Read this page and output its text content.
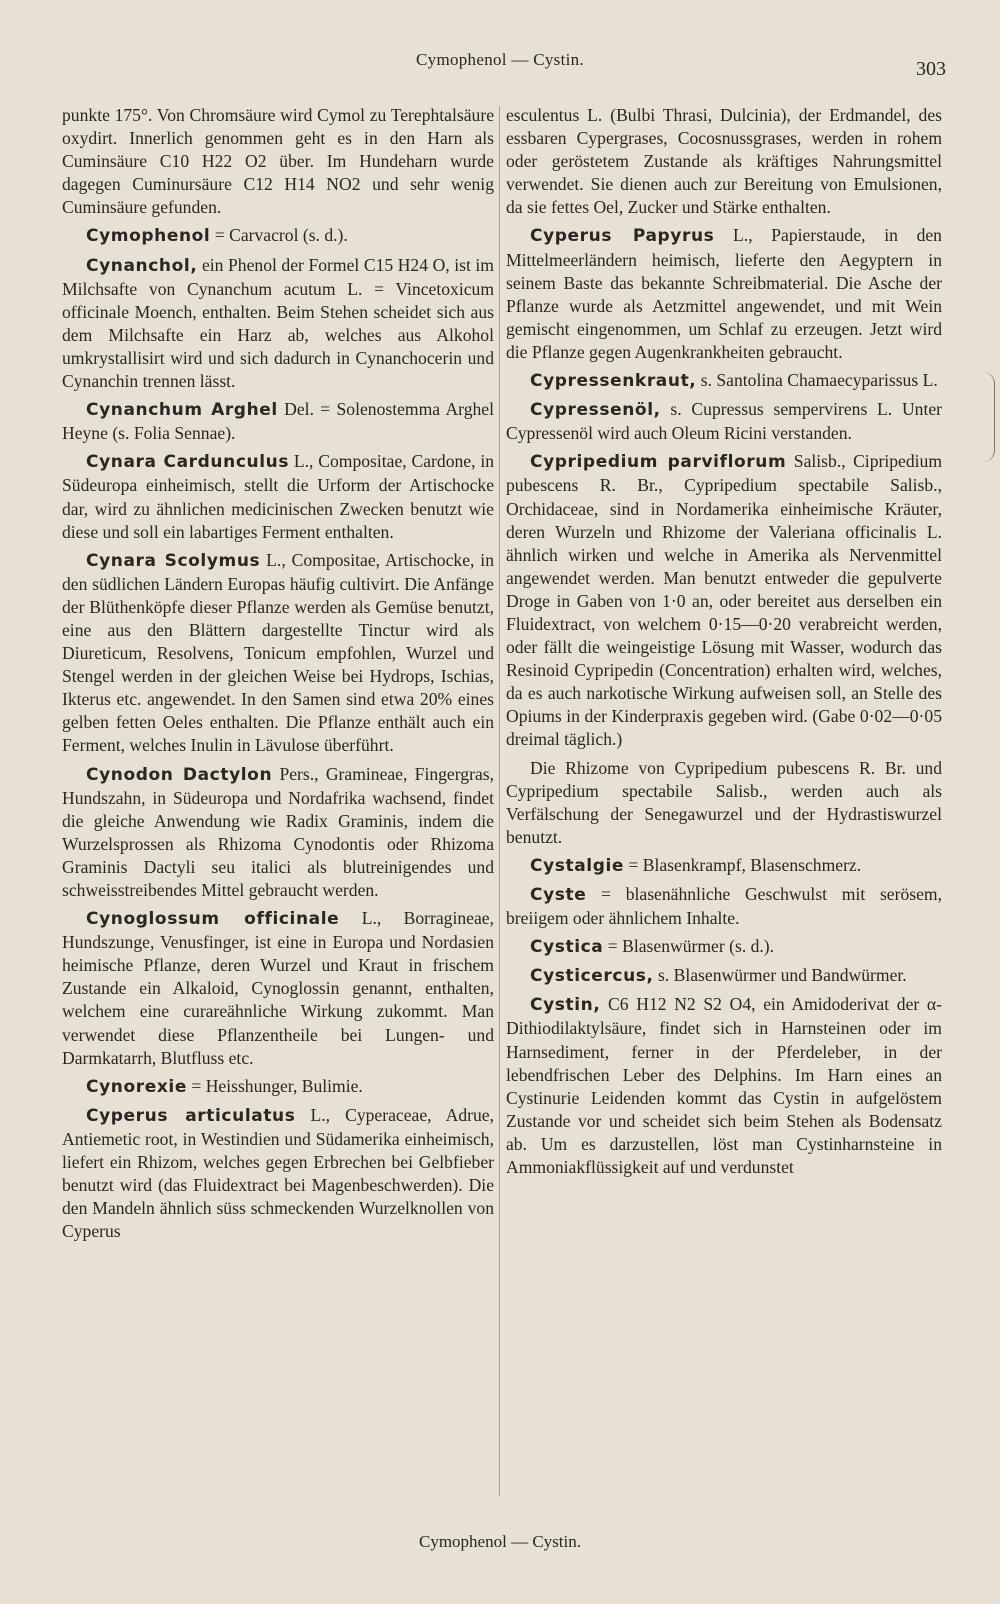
Cymophenol — Cystin.	303

punkte 175°. Von Chromsäure wird Cymol zu Terephtalsäure oxydirt. Innerlich genommen geht es in den Harn als Cuminsäure C10 H22 O2 über. Im Hundeharn wurde dagegen Cuminursäure C12 H14 NO2 und sehr wenig Cuminsäure gefunden.

Cymophenol = Carvacrol (s. d.).

Cynanchol, ein Phenol der Formel C15 H24 O, ist im Milchsafte von Cynanchum acutum L. = Vincetoxicum officinale Moench, enthalten. Beim Stehen scheidet sich aus dem Milchsafte ein Harz ab, welches aus Alkohol umkrystallisirt wird und sich dadurch in Cynanchocerin und Cynanchin trennen lässt.

Cynanchum Arghel Del. = Solenostemma Arghel Heyne (s. Folia Sennae).

Cynara Cardunculus L., Compositae, Cardone, in Südeuropa einheimisch, stellt die Urform der Artischocke dar, wird zu ähnlichen medicinischen Zwecken benutzt wie diese und soll ein labartiges Ferment enthalten.

Cynara Scolymus L., Compositae, Artischocke, in den südlichen Ländern Europas häufig cultivirt. Die Anfänge der Blüthenköpfe dieser Pflanze werden als Gemüse benutzt, eine aus den Blättern dargestellte Tinctur wird als Diureticum, Resolvens, Tonicum empfohlen, Wurzel und Stengel werden in der gleichen Weise bei Hydrops, Ischias, Ikterus etc. angewendet. In den Samen sind etwa 20% eines gelben fetten Oeles enthalten. Die Pflanze enthält auch ein Ferment, welches Inulin in Lävulose überführt.

Cynodon Dactylon Pers., Gramineae, Fingergras, Hundszahn, in Südeuropa und Nordafrika wachsend, findet die gleiche Anwendung wie Radix Graminis, indem die Wurzelsprossen als Rhizoma Cynodontis oder Rhizoma Graminis Dactyli seu italici als blutreinigendes und schweisstreibendes Mittel gebraucht werden.

Cynoglossum officinale L., Borragineae, Hundszunge, Venusfinger, ist eine in Europa und Nordasien heimische Pflanze, deren Wurzel und Kraut in frischem Zustande ein Alkaloid, Cynoglossin genannt, enthalten, welchem eine curareähnliche Wirkung zukommt. Man verwendet diese Pflanzentheile bei Lungen- und Darmkatarrh, Blutfluss etc.

Cynorexie = Heisshunger, Bulimie.

Cyperus articulatus L., Cyperaceae, Adrue, Antiemetic root, in Westindien und Südamerika einheimisch, liefert ein Rhizom, welches gegen Erbrechen bei Gelbfieber benutzt wird (das Fluidextract bei Magenbeschwerden). Die den Mandeln ähnlich süss schmeckenden Wurzelknollen von Cyperus

esculentus L. (Bulbi Thrasi, Dulcinia), der Erdmandel, des essbaren Cypergrases, Cocosnussgrases, werden in rohem oder geröstetem Zustande als kräftiges Nahrungsmittel verwendet. Sie dienen auch zur Bereitung von Emulsionen, da sie fettes Oel, Zucker und Stärke enthalten.

Cyperus Papyrus L., Papierstaude, in den Mittelmeerländern heimisch, lieferte den Aegyptern in seinem Baste das bekannte Schreibmaterial. Die Asche der Pflanze wurde als Aetzmittel angewendet, und mit Wein gemischt eingenommen, um Schlaf zu erzeugen. Jetzt wird die Pflanze gegen Augenkrankheiten gebraucht.

Cypressenkraut, s. Santolina Chamaecyparissus L.

Cypressenöl, s. Cupressus sempervirens L. Unter Cypressenöl wird auch Oleum Ricini verstanden.

Cypripedium parviflorum Salisb., Cipripedium pubescens R. Br., Cypripedium spectabile Salisb., Orchidaceae, sind in Nordamerika einheimische Kräuter, deren Wurzeln und Rhizome der Valeriana officinalis L. ähnlich wirken und welche in Amerika als Nervenmittel angewendet werden. Man benutzt entweder die gepulverte Droge in Gaben von 1·0 an, oder bereitet aus derselben ein Fluidextract, von welchem 0·15—0·20 verabreicht werden, oder fällt die weingeistige Lösung mit Wasser, wodurch das Resinoid Cypripedin (Concentration) erhalten wird, welches, da es auch narkotische Wirkung aufweisen soll, an Stelle des Opiums in der Kinderpraxis gegeben wird. (Gabe 0·02—0·05 dreimal täglich.)

Die Rhizome von Cypripedium pubescens R. Br. und Cypripedium spectabile Salisb., werden auch als Verfälschung der Senegawurzel und der Hydrastiswurzel benutzt.

Cystalgie = Blasenkrampf, Blasenschmerz.

Cyste = blasenähnliche Geschwulst mit serösem, breiigem oder ähnlichem Inhalte.

Cystica = Blasenwürmer (s. d.).

Cysticercus, s. Blasenwürmer und Bandwürmer.

Cystin, C6 H12 N2 S2 O4, ein Amidoderivat der α-Dithiodilaktylsäure, findet sich in Harnsteinen oder im Harnsediment, ferner in der Pferdeleber, in der lebendfrischen Leber des Delphins. Im Harn eines an Cystinurie Leidenden kommt das Cystin in aufgelöstem Zustande vor und scheidet sich beim Stehen als Bodensatz ab. Um es darzustellen, löst man Cystinharnsteine in Ammoniakflüssigkeit auf und verdunstet

Cymophenol — Cystin.
